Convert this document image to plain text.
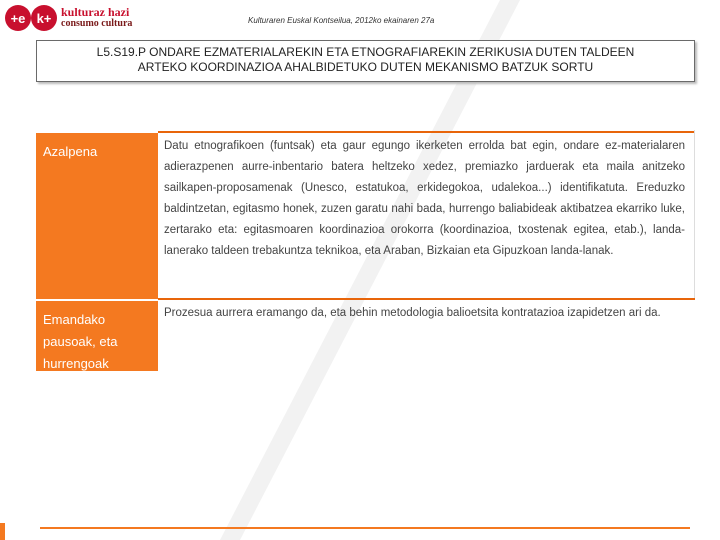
+e k+ kulturaz hazi
consumo cultura	Kulturaren Euskal Kontseilua, 2012ko ekainaren 27a
L5.S19.P ONDARE EZMATERIALAREKIN ETA ETNOGRAFIAREKIN ZERIKUSIA DUTEN TALDEEN
ARTEKO KOORDINAZIOA AHALBIDETUKO DUTEN MEKANISMO BATZUK SORTU
Azalpena	Datu etnografikoen (funtsak) eta gaur egungo ikerketen errolda bat egin, ondare ez-materialaren adierazpenen aurre-inbentario batera heltzeko xedez, premiazko jarduerak eta maila anitzeko sailkapen-proposamenak (Unesco, estatukoa, erkidegokoa, udalekoa...) identifikatuta. Ereduzko baldintzetan, egitasmo honek, zuzen garatu nahi bada, hurrengo baliabideak aktibatzea ekarriko luke, zertarako eta: egitasmoaren koordinazioa orokorra (koordinazioa, txostenak egitea, etab.), landa-lanerako taldeen trebakuntza teknikoa, eta Araban, Bizkaian eta Gipuzkoan landa-lanak.
Emandako pausoak, eta hurrengoak
Prozesua aurrera eramango da, eta behin metodologia balioetsita kontratazioa izapidetzen ari da.
